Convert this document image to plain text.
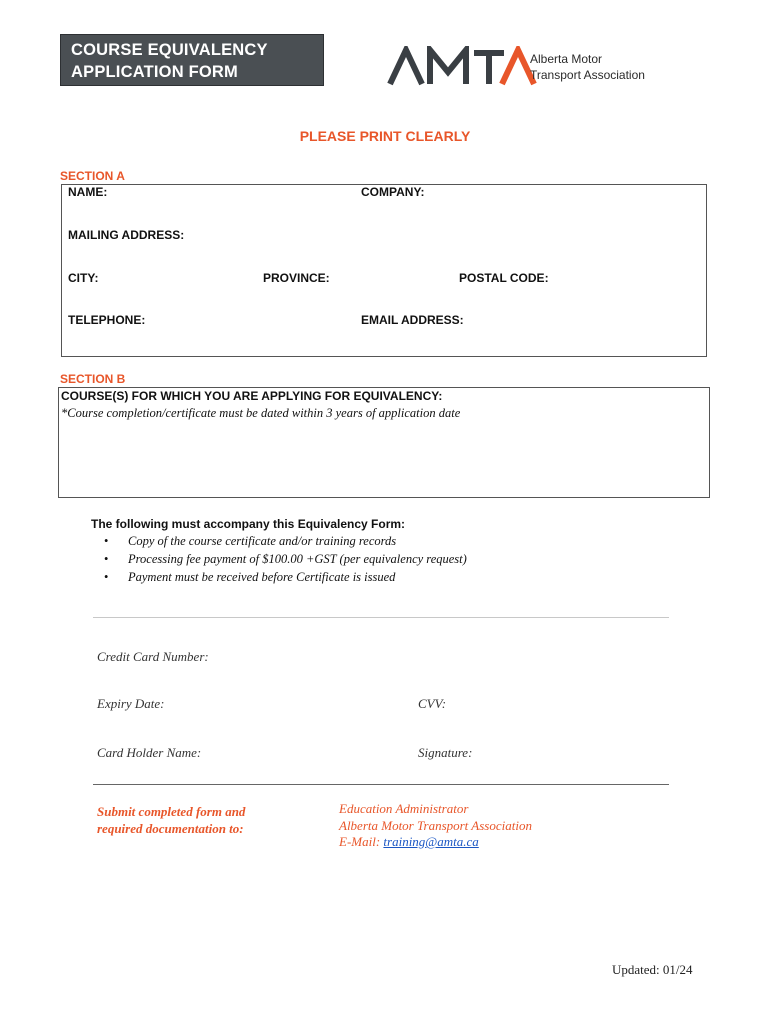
COURSE EQUIVALENCY
APPLICATION FORM
Alberta Motor
Transport Association
PLEASE PRINT CLEARLY
SECTION A
NAME:	COMPANY:
MAILING ADDRESS:
CITY:	PROVINCE:	POSTAL CODE:
TELEPHONE:	EMAIL ADDRESS:
SECTION B
COURSE(S) FOR WHICH YOU ARE APPLYING FOR EQUIVALENCY:
*Course completion/certificate must be dated within 3 years of application date
The following must accompany this Equivalency Form:
• Copy of the course certificate and/or training records
• Processing fee payment of $100.00 +GST (per equivalency request)
• Payment must be received before Certificate is issued
Credit Card Number:
Expiry Date:	CVV:
Card Holder Name:	Signature:
Submit completed form and
required documentation to:
Education Administrator
Alberta Motor Transport Association
E-Mail: training@amta.ca
Updated: 01/24
